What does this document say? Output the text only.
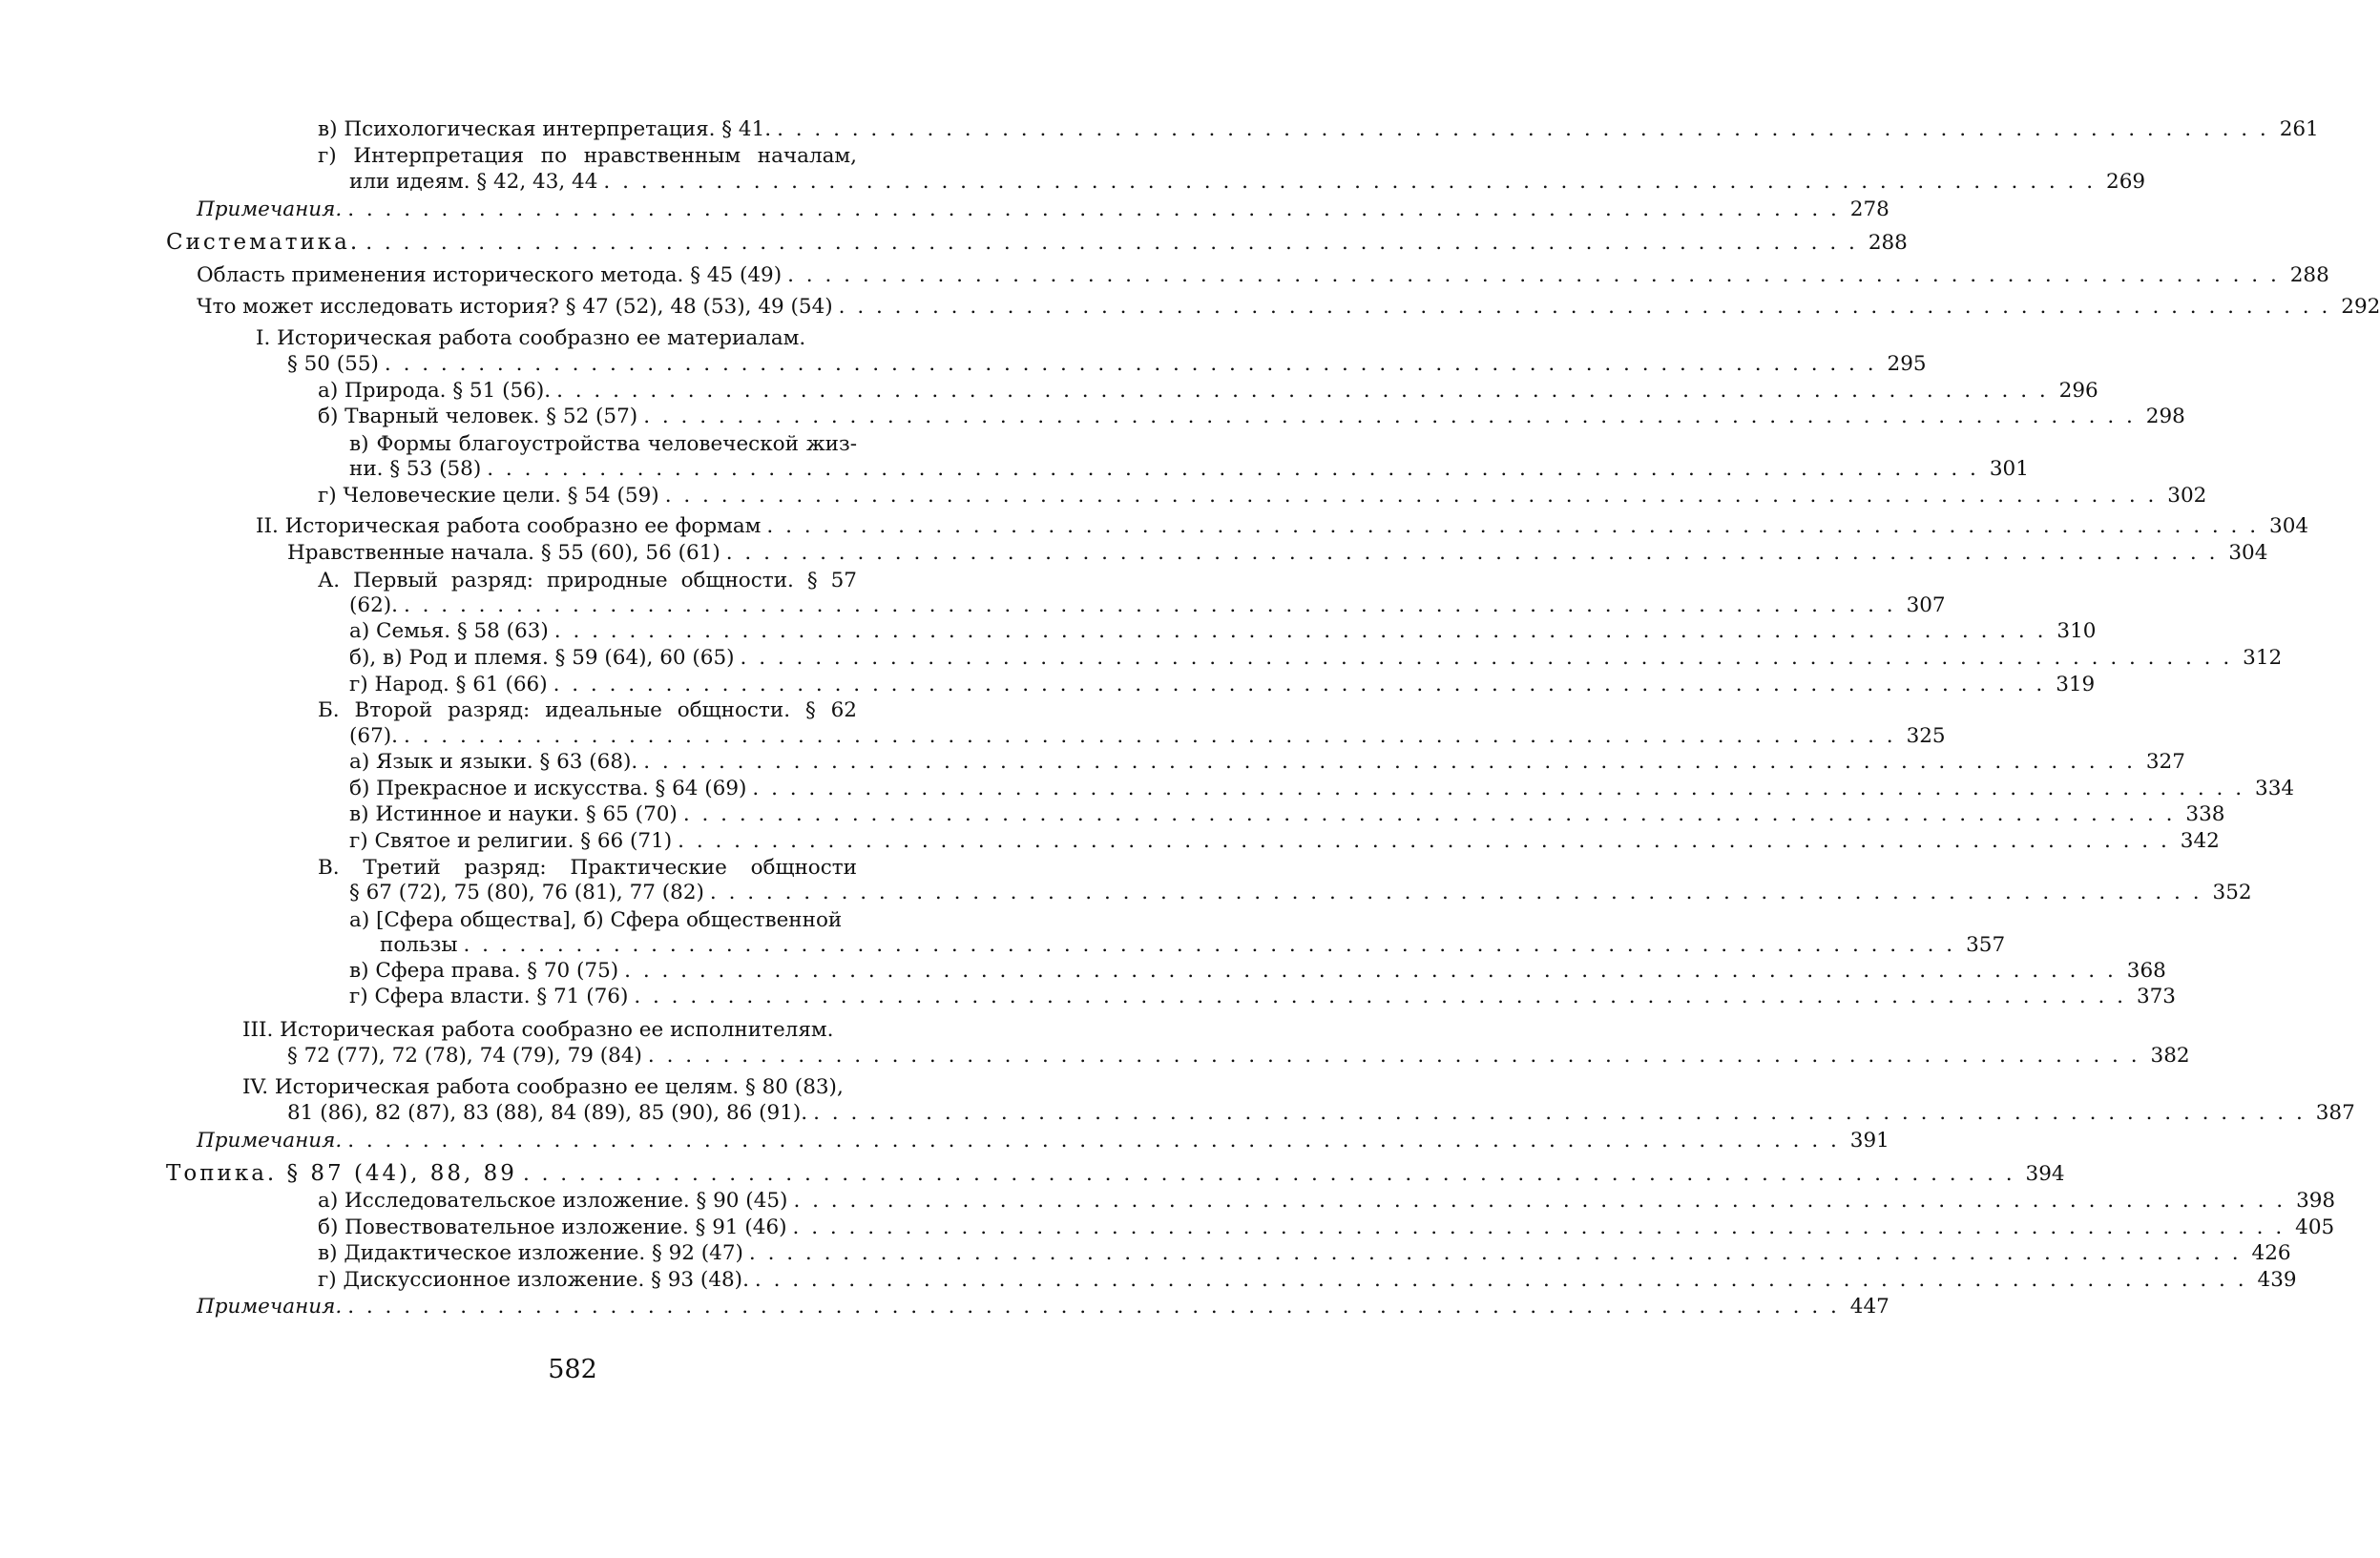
в) Психологическая интерпретация. § 41. . . . . . . . . . . . . . . . . . . . . . . . . . . . . . . . . . . . . . . . . . . . . . . . . . . . . . . . . . . . . . . . . . . . . . . . . . . . . . . . . 261
г) Интерпретация по нравственным началам,
или идеям. § 42, 43, 44 . . . . . . . . . . . . . . . . . . . . . . . . . . . . . . . . . . . . . . . . . . . . . . . . . . . . . . . . . . . . . . . . . . . . . . . . . . . . . . . . 269
Примечания. . . . . . . . . . . . . . . . . . . . . . . . . . . . . . . . . . . . . . . . . . . . . . . . . . . . . . . . . . . . . . . . . . . . . . . . . . . . . . . . . 278
Систематика. . . . . . . . . . . . . . . . . . . . . . . . . . . . . . . . . . . . . . . . . . . . . . . . . . . . . . . . . . . . . . . . . . . . . . . . . . . . . . . . . 288
Область применения исторического метода. § 45 (49) . . . . . . . . . . . . . . . . . . . . . . . . . . . . . . . . . . . . . . . . . . . . . . . . . . . . . . . . . . . . . . . . . . . . . . . . . . . . . . . . 288
Что может исследовать история? § 47 (52), 48 (53), 49 (54) . . . . . . . . . . . . . . . . . . . . . . . . . . . . . . . . . . . . . . . . . . . . . . . . . . . . . . . . . . . . . . . . . . . . . . . . . . . . . . . . 292
I. Историческая работа сообразно ее материалам.
§ 50 (55) . . . . . . . . . . . . . . . . . . . . . . . . . . . . . . . . . . . . . . . . . . . . . . . . . . . . . . . . . . . . . . . . . . . . . . . . . . . . . . . . 295
а) Природа. § 51 (56). . . . . . . . . . . . . . . . . . . . . . . . . . . . . . . . . . . . . . . . . . . . . . . . . . . . . . . . . . . . . . . . . . . . . . . . . . . . . . . . . 296
б) Тварный человек. § 52 (57) . . . . . . . . . . . . . . . . . . . . . . . . . . . . . . . . . . . . . . . . . . . . . . . . . . . . . . . . . . . . . . . . . . . . . . . . . . . . . . . . 298
в) Формы благоустройства человеческой жиз-
ни. § 53 (58) . . . . . . . . . . . . . . . . . . . . . . . . . . . . . . . . . . . . . . . . . . . . . . . . . . . . . . . . . . . . . . . . . . . . . . . . . . . . . . . . 301
г) Человеческие цели. § 54 (59) . . . . . . . . . . . . . . . . . . . . . . . . . . . . . . . . . . . . . . . . . . . . . . . . . . . . . . . . . . . . . . . . . . . . . . . . . . . . . . . . 302
II. Историческая работа сообразно ее формам . . . . . . . . . . . . . . . . . . . . . . . . . . . . . . . . . . . . . . . . . . . . . . . . . . . . . . . . . . . . . . . . . . . . . . . . . . . . . . . . 304
Нравственные начала. § 55 (60), 56 (61) . . . . . . . . . . . . . . . . . . . . . . . . . . . . . . . . . . . . . . . . . . . . . . . . . . . . . . . . . . . . . . . . . . . . . . . . . . . . . . . . 304
А. Первый разряд: природные общности. § 57
(62). . . . . . . . . . . . . . . . . . . . . . . . . . . . . . . . . . . . . . . . . . . . . . . . . . . . . . . . . . . . . . . . . . . . . . . . . . . . . . . . . 307
а) Семья. § 58 (63) . . . . . . . . . . . . . . . . . . . . . . . . . . . . . . . . . . . . . . . . . . . . . . . . . . . . . . . . . . . . . . . . . . . . . . . . . . . . . . . . 310
б), в) Род и племя. § 59 (64), 60 (65) . . . . . . . . . . . . . . . . . . . . . . . . . . . . . . . . . . . . . . . . . . . . . . . . . . . . . . . . . . . . . . . . . . . . . . . . . . . . . . . . 312
г) Народ. § 61 (66) . . . . . . . . . . . . . . . . . . . . . . . . . . . . . . . . . . . . . . . . . . . . . . . . . . . . . . . . . . . . . . . . . . . . . . . . . . . . . . . . 319
Б. Второй разряд: идеальные общности. § 62
(67). . . . . . . . . . . . . . . . . . . . . . . . . . . . . . . . . . . . . . . . . . . . . . . . . . . . . . . . . . . . . . . . . . . . . . . . . . . . . . . . . 325
а) Язык и языки. § 63 (68). . . . . . . . . . . . . . . . . . . . . . . . . . . . . . . . . . . . . . . . . . . . . . . . . . . . . . . . . . . . . . . . . . . . . . . . . . . . . . . . . 327
б) Прекрасное и искусства. § 64 (69) . . . . . . . . . . . . . . . . . . . . . . . . . . . . . . . . . . . . . . . . . . . . . . . . . . . . . . . . . . . . . . . . . . . . . . . . . . . . . . . . 334
в) Истинное и науки. § 65 (70) . . . . . . . . . . . . . . . . . . . . . . . . . . . . . . . . . . . . . . . . . . . . . . . . . . . . . . . . . . . . . . . . . . . . . . . . . . . . . . . . 338
г) Святое и религии. § 66 (71) . . . . . . . . . . . . . . . . . . . . . . . . . . . . . . . . . . . . . . . . . . . . . . . . . . . . . . . . . . . . . . . . . . . . . . . . . . . . . . . . 342
В. Третий разряд: Практические общности
§ 67 (72), 75 (80), 76 (81), 77 (82) . . . . . . . . . . . . . . . . . . . . . . . . . . . . . . . . . . . . . . . . . . . . . . . . . . . . . . . . . . . . . . . . . . . . . . . . . . . . . . . . 352
а) [Сфера общества], б) Сфера общественной
пользы . . . . . . . . . . . . . . . . . . . . . . . . . . . . . . . . . . . . . . . . . . . . . . . . . . . . . . . . . . . . . . . . . . . . . . . . . . . . . . . . 357
в) Сфера права. § 70 (75) . . . . . . . . . . . . . . . . . . . . . . . . . . . . . . . . . . . . . . . . . . . . . . . . . . . . . . . . . . . . . . . . . . . . . . . . . . . . . . . . 368
г) Сфера власти. § 71 (76) . . . . . . . . . . . . . . . . . . . . . . . . . . . . . . . . . . . . . . . . . . . . . . . . . . . . . . . . . . . . . . . . . . . . . . . . . . . . . . . . 373
III. Историческая работа сообразно ее исполнителям.
§ 72 (77), 72 (78), 74 (79), 79 (84) . . . . . . . . . . . . . . . . . . . . . . . . . . . . . . . . . . . . . . . . . . . . . . . . . . . . . . . . . . . . . . . . . . . . . . . . . . . . . . . . 382
IV. Историческая работа сообразно ее целям. § 80 (83),
81 (86), 82 (87), 83 (88), 84 (89), 85 (90), 86 (91). . . . . . . . . . . . . . . . . . . . . . . . . . . . . . . . . . . . . . . . . . . . . . . . . . . . . . . . . . . . . . . . . . . . . . . . . . . . . . . . . 387
Примечания. . . . . . . . . . . . . . . . . . . . . . . . . . . . . . . . . . . . . . . . . . . . . . . . . . . . . . . . . . . . . . . . . . . . . . . . . . . . . . . . . 391
Топика. § 87 (44), 88, 89 . . . . . . . . . . . . . . . . . . . . . . . . . . . . . . . . . . . . . . . . . . . . . . . . . . . . . . . . . . . . . . . . . . . . . . . . . . . . . . . . 394
а) Исследовательское изложение. § 90 (45) . . . . . . . . . . . . . . . . . . . . . . . . . . . . . . . . . . . . . . . . . . . . . . . . . . . . . . . . . . . . . . . . . . . . . . . . . . . . . . . . 398
б) Повествовательное изложение. § 91 (46) . . . . . . . . . . . . . . . . . . . . . . . . . . . . . . . . . . . . . . . . . . . . . . . . . . . . . . . . . . . . . . . . . . . . . . . . . . . . . . . . 405
в) Дидактическое изложение. § 92 (47) . . . . . . . . . . . . . . . . . . . . . . . . . . . . . . . . . . . . . . . . . . . . . . . . . . . . . . . . . . . . . . . . . . . . . . . . . . . . . . . . 426
г) Дискуссионное изложение. § 93 (48). . . . . . . . . . . . . . . . . . . . . . . . . . . . . . . . . . . . . . . . . . . . . . . . . . . . . . . . . . . . . . . . . . . . . . . . . . . . . . . . . 439
Примечания. . . . . . . . . . . . . . . . . . . . . . . . . . . . . . . . . . . . . . . . . . . . . . . . . . . . . . . . . . . . . . . . . . . . . . . . . . . . . . . . . 447
582
